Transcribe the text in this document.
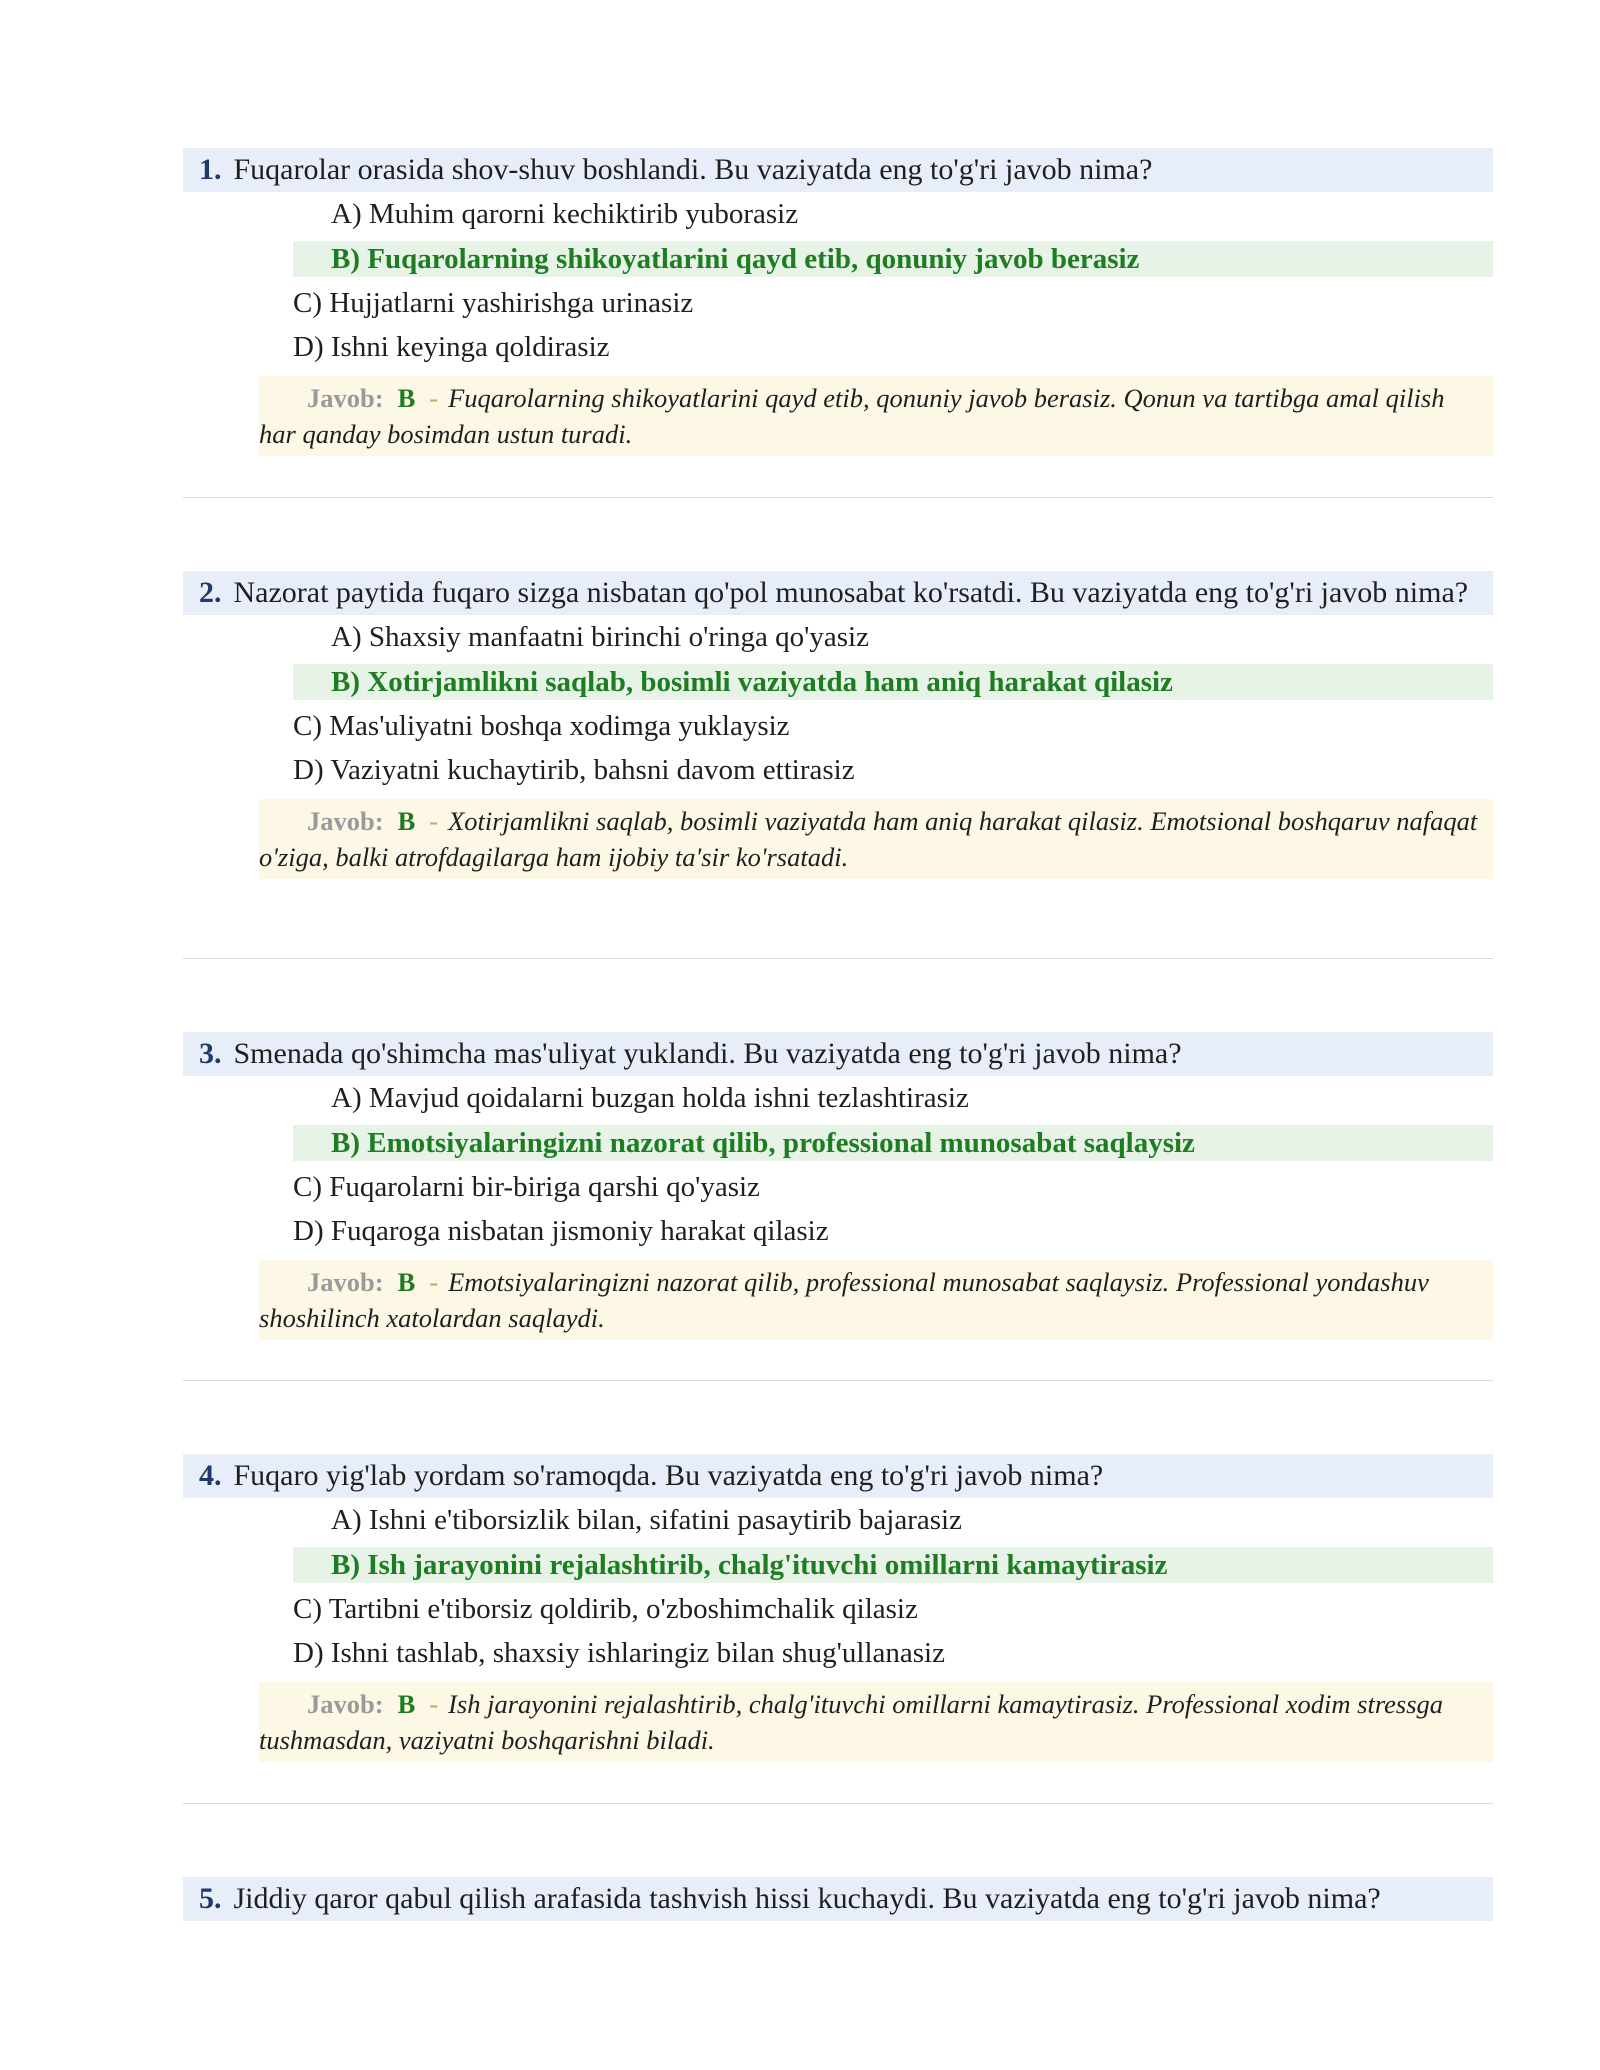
1. Fuqarolar orasida shov-shuv boshlandi. Bu vaziyatda eng to'g'ri javob nima?
A) Muhim qarorni kechiktirib yuborasiz
B) Fuqarolarning shikoyatlarini qayd etib, qonuniy javob berasiz
C) Hujjatlarni yashirishga urinasiz
D) Ishni keyinga qoldirasiz
Javob: B - Fuqarolarning shikoyatlarini qayd etib, qonuniy javob berasiz. Qonun va tartibga amal qilish har qanday bosimdan ustun turadi.
2. Nazorat paytida fuqaro sizga nisbatan qo'pol munosabat ko'rsatdi. Bu vaziyatda eng to'g'ri javob nima?
A) Shaxsiy manfaatni birinchi o'ringa qo'yasiz
B) Xotirjamlikni saqlab, bosimli vaziyatda ham aniq harakat qilasiz
C) Mas'uliyatni boshqa xodimga yuklaysiz
D) Vaziyatni kuchaytirib, bahsni davom ettirasiz
Javob: B - Xotirjamlikni saqlab, bosimli vaziyatda ham aniq harakat qilasiz. Emotsional boshqaruv nafaqat o'ziga, balki atrofdagilarga ham ijobiy ta'sir ko'rsatadi.
3. Smenada qo'shimcha mas'uliyat yuklandi. Bu vaziyatda eng to'g'ri javob nima?
A) Mavjud qoidalarni buzgan holda ishni tezlashtirasiz
B) Emotsiyalaringizni nazorat qilib, professional munosabat saqlaysiz
C) Fuqarolarni bir-biriga qarshi qo'yasiz
D) Fuqaroga nisbatan jismoniy harakat qilasiz
Javob: B - Emotsiyalaringizni nazorat qilib, professional munosabat saqlaysiz. Professional yondashuv shoshilinch xatolardan saqlaydi.
4. Fuqaro yig'lab yordam so'ramoqda. Bu vaziyatda eng to'g'ri javob nima?
A) Ishni e'tiborsizlik bilan, sifatini pasaytirib bajarasiz
B) Ish jarayonini rejalashtirib, chalg'ituvchi omillarni kamaytirasiz
C) Tartibni e'tiborsiz qoldirib, o'zboshimchalik qilasiz
D) Ishni tashlab, shaxsiy ishlaringiz bilan shug'ullanasiz
Javob: B - Ish jarayonini rejalashtirib, chalg'ituvchi omillarni kamaytirasiz. Professional xodim stressga tushmasdan, vaziyatni boshqarishni biladi.
5. Jiddiy qaror qabul qilish arafasida tashvish hissi kuchaydi. Bu vaziyatda eng to'g'ri javob nima?
